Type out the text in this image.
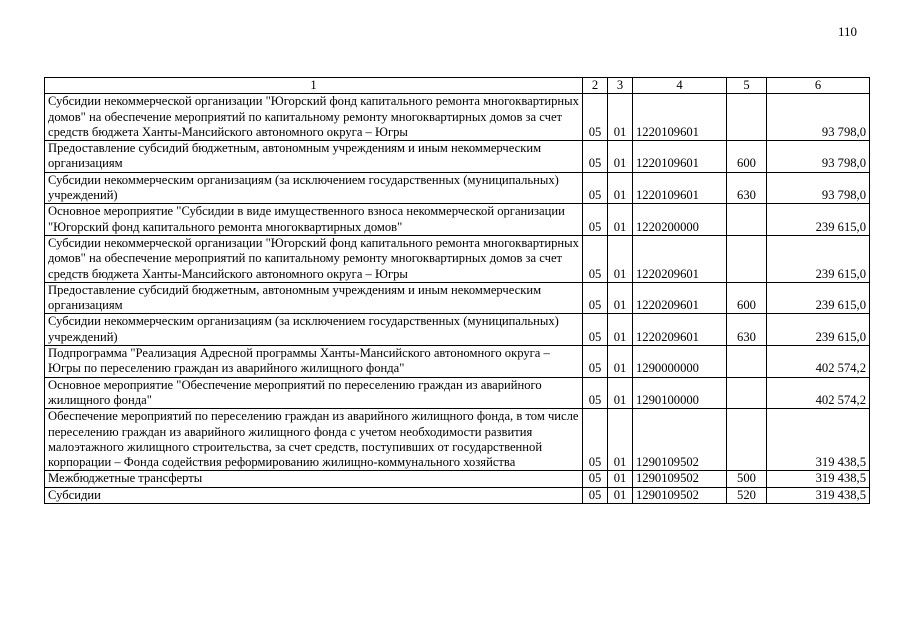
110
1	2	3	4	5	6
Субсидии некоммерческой организации "Югорский фонд капитального ремонта многоквартирных домов" на обеспечение мероприятий по капитальному ремонту многоквартирных домов за счет средств бюджета Ханты-Мансийского автономного округа – Югры	05	01	1220109601		93 798,0
Предоставление субсидий бюджетным, автономным учреждениям и иным некоммерческим организациям	05	01	1220109601	600	93 798,0
Субсидии некоммерческим организациям (за исключением государственных (муниципальных) учреждений)	05	01	1220109601	630	93 798,0
Основное мероприятие "Субсидии в виде имущественного взноса некоммерческой организации "Югорский фонд капитального ремонта многоквартирных домов"	05	01	1220200000		239 615,0
Субсидии некоммерческой организации "Югорский фонд капитального ремонта многоквартирных домов" на обеспечение мероприятий по капитальному ремонту многоквартирных домов за счет средств бюджета Ханты-Мансийского автономного округа – Югры	05	01	1220209601		239 615,0
Предоставление субсидий бюджетным, автономным учреждениям и иным некоммерческим организациям	05	01	1220209601	600	239 615,0
Субсидии некоммерческим организациям (за исключением государственных (муниципальных) учреждений)	05	01	1220209601	630	239 615,0
Подпрограмма "Реализация Адресной программы Ханты-Мансийского автономного округа – Югры по переселению граждан из аварийного жилищного фонда"	05	01	1290000000		402 574,2
Основное мероприятие "Обеспечение мероприятий по переселению граждан из аварийного жилищного фонда"	05	01	1290100000		402 574,2
Обеспечение мероприятий по переселению граждан из аварийного жилищного фонда, в том числе переселению граждан из аварийного жилищного фонда с учетом необходимости развития малоэтажного жилищного строительства, за счет средств, поступивших от государственной корпорации – Фонда содействия реформированию жилищно-коммунального хозяйства	05	01	1290109502		319 438,5
Межбюджетные трансферты	05	01	1290109502	500	319 438,5
Субсидии	05	01	1290109502	520	319 438,5
